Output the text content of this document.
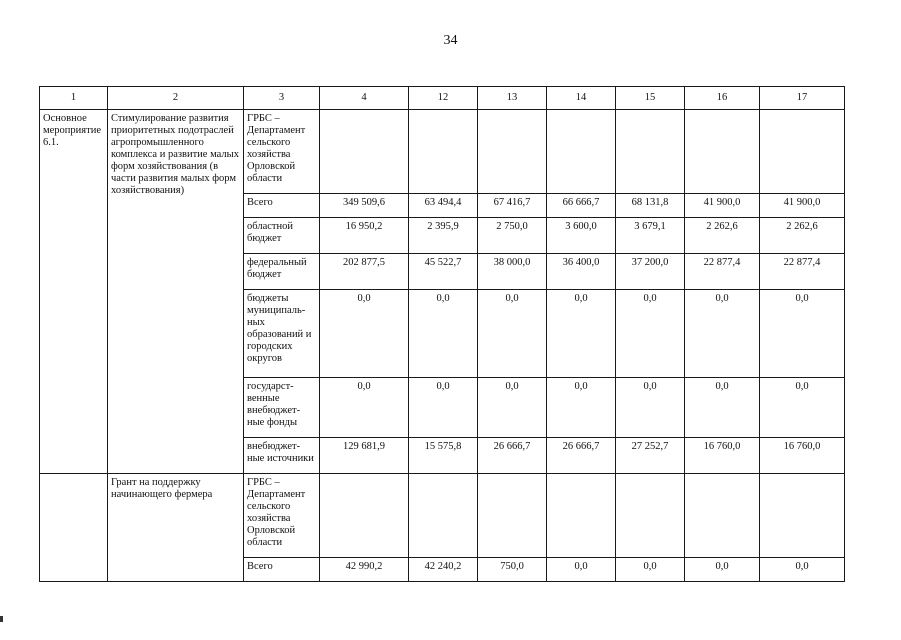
34
1	2	3	4	12	13	14	15	16	17
Основное мероприятие 6.1.	Стимулирование развития приоритетных подотраслей агропромышленного комплекса и развитие малых форм хозяйствования (в части развития малых форм хозяйствования)	ГРБС – Департамент сельского хозяйства Орловской области							
		Всего	349 509,6	63 494,4	67 416,7	66 666,7	68 131,8	41 900,0	41 900,0
		областной бюджет	16 950,2	2 395,9	2 750,0	3 600,0	3 679,1	2 262,6	2 262,6
		федеральный бюджет	202 877,5	45 522,7	38 000,0	36 400,0	37 200,0	22 877,4	22 877,4
		бюджеты муниципаль-ных образований и городских округов	0,0	0,0	0,0	0,0	0,0	0,0	0,0
		государст-венные внебюджет-ные фонды	0,0	0,0	0,0	0,0	0,0	0,0	0,0
		внебюджет-ные источники	129 681,9	15 575,8	26 666,7	26 666,7	27 252,7	16 760,0	16 760,0
	Грант на поддержку начинающего фермера	ГРБС – Департамент сельского хозяйства Орловской области							
		Всего	42 990,2	42 240,2	750,0	0,0	0,0	0,0	0,0
